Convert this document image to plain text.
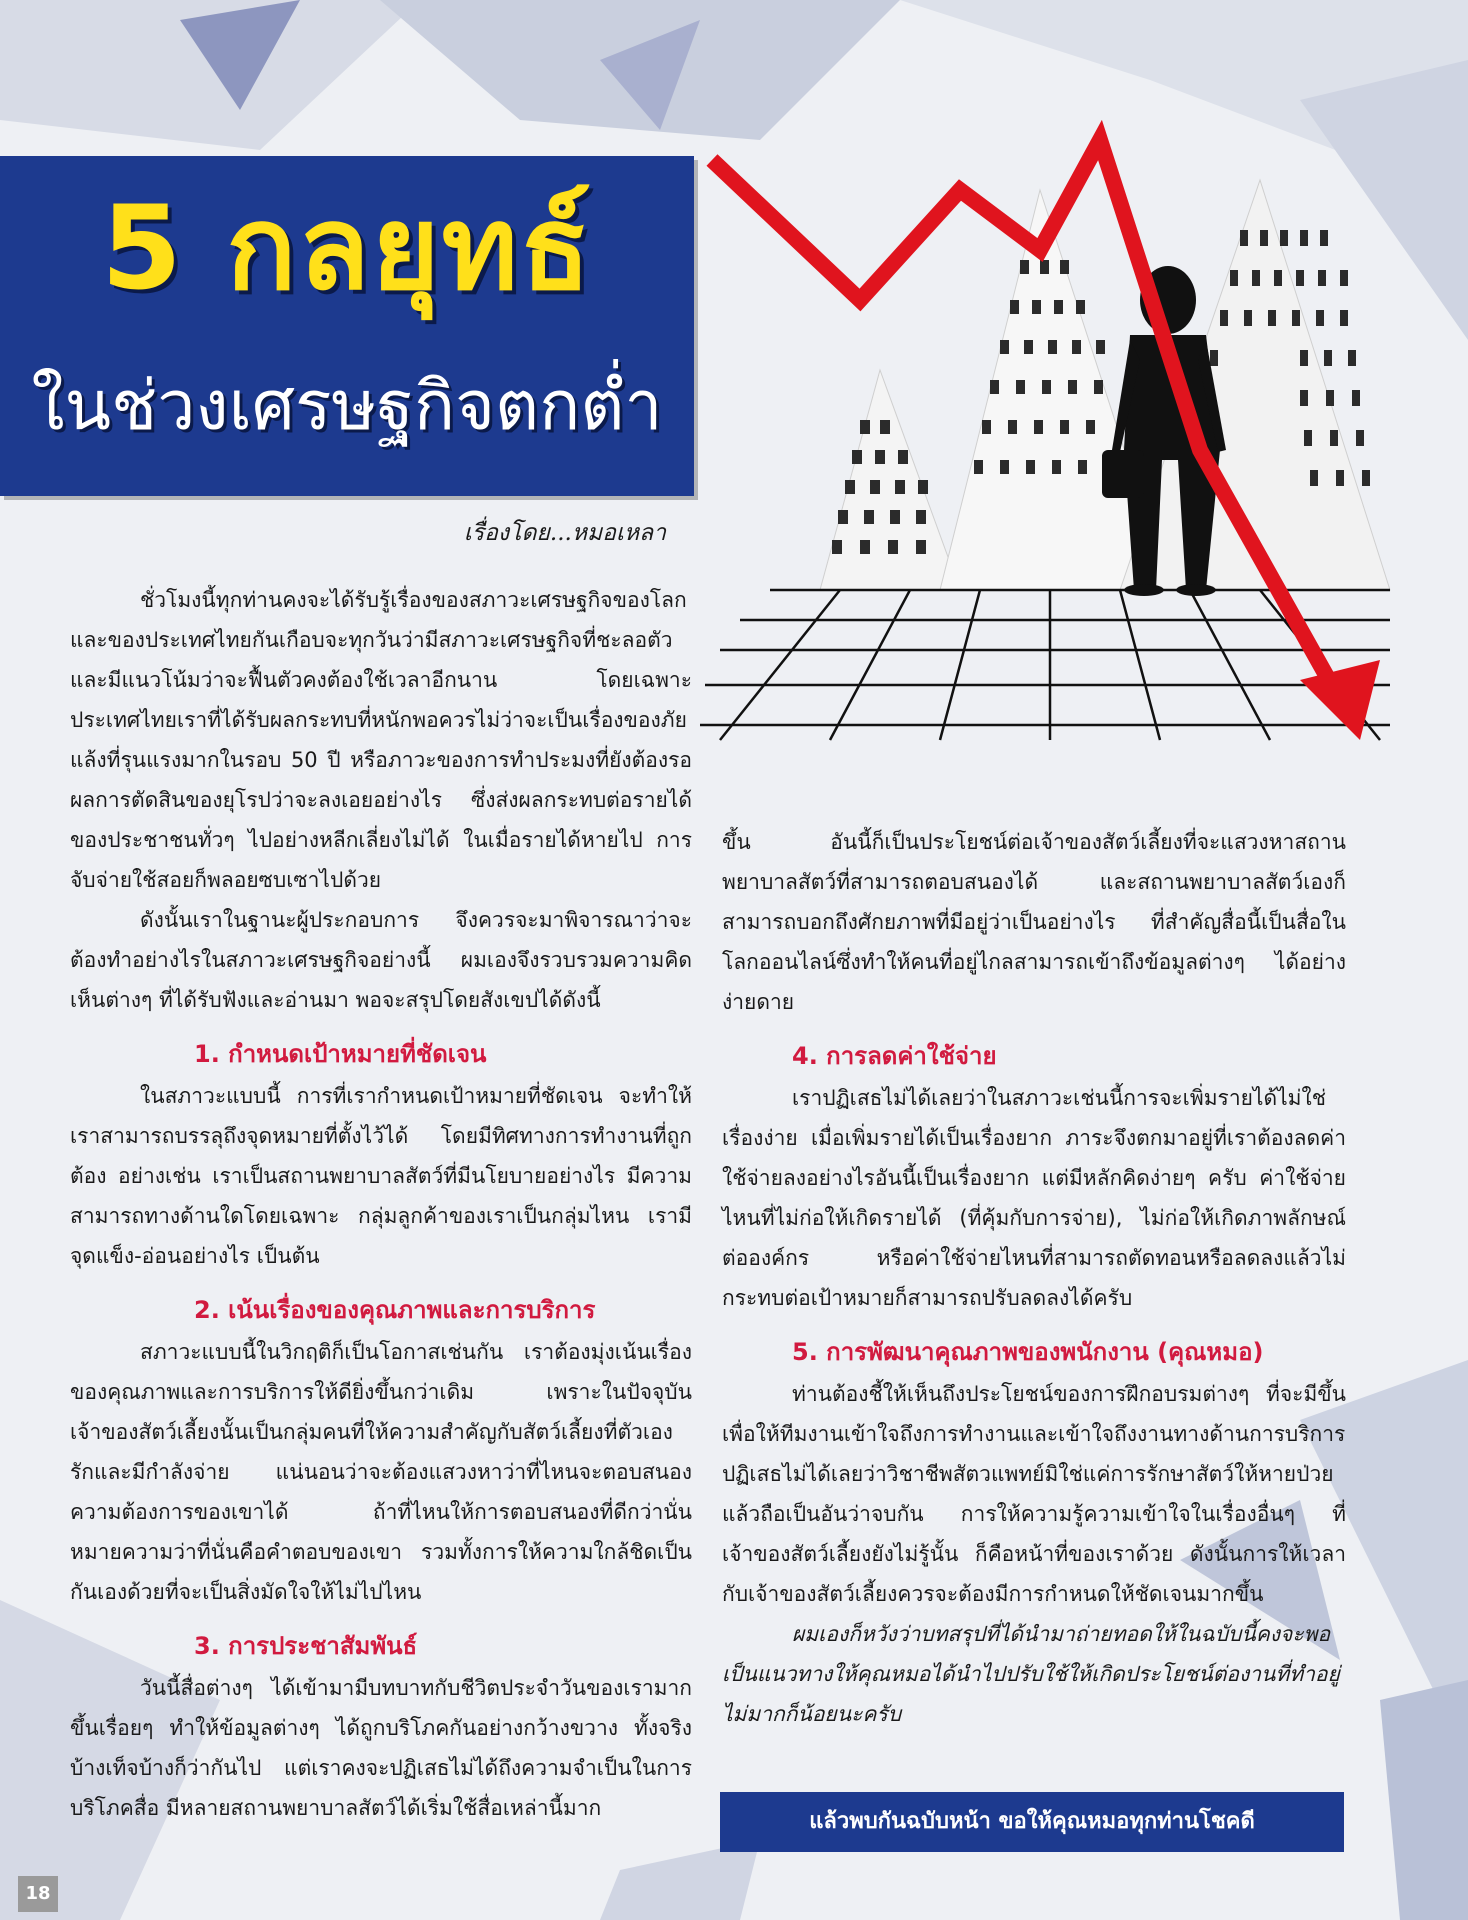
5 กลยุทธ์
ในช่วงเศรษฐกิจตกต่ำ
เรื่องโดย...หมอเหลา

ชั่วโมงนี้ทุกท่านคงจะได้รับรู้เรื่องของสภาวะเศรษฐกิจของโลกและของประเทศไทยกันเกือบจะทุกวันว่ามีสภาวะเศรษฐกิจที่ชะลอตัวและมีแนวโน้มว่าจะฟื้นตัวคงต้องใช้เวลาอีกนาน โดยเฉพาะประเทศไทยเราที่ได้รับผลกระทบที่หนักพอควรไม่ว่าจะเป็นเรื่องของภัยแล้งที่รุนแรงมากในรอบ 50 ปี หรือภาวะของการทำประมงที่ยังต้องรอผลการตัดสินของยุโรปว่าจะลงเอยอย่างไร ซึ่งส่งผลกระทบต่อรายได้ของประชาชนทั่วๆ ไปอย่างหลีกเลี่ยงไม่ได้ ในเมื่อรายได้หายไป การจับจ่ายใช้สอยก็พลอยซบเซาไปด้วย

ดังนั้นเราในฐานะผู้ประกอบการ จึงควรจะมาพิจารณาว่าจะต้องทำอย่างไรในสภาวะเศรษฐกิจอย่างนี้ ผมเองจึงรวบรวมความคิดเห็นต่างๆ ที่ได้รับฟังและอ่านมา พอจะสรุปโดยสังเขปได้ดังนี้

1. กำหนดเป้าหมายที่ชัดเจน

ในสภาวะแบบนี้ การที่เรากำหนดเป้าหมายที่ชัดเจน จะทำให้เราสามารถบรรลุถึงจุดหมายที่ตั้งไว้ได้ โดยมีทิศทางการทำงานที่ถูกต้อง อย่างเช่น เราเป็นสถานพยาบาลสัตว์ที่มีนโยบายอย่างไร มีความสามารถทางด้านใดโดยเฉพาะ กลุ่มลูกค้าของเราเป็นกลุ่มไหน เรามีจุดแข็ง-อ่อนอย่างไร เป็นต้น

2. เน้นเรื่องของคุณภาพและการบริการ

สภาวะแบบนี้ในวิกฤติก็เป็นโอกาสเช่นกัน เราต้องมุ่งเน้นเรื่องของคุณภาพและการบริการให้ดียิ่งขึ้นกว่าเดิม เพราะในปัจจุบันเจ้าของสัตว์เลี้ยงนั้นเป็นกลุ่มคนที่ให้ความสำคัญกับสัตว์เลี้ยงที่ตัวเองรักและมีกำลังจ่าย แน่นอนว่าจะต้องแสวงหาว่าที่ไหนจะตอบสนองความต้องการของเขาได้ ถ้าที่ไหนให้การตอบสนองที่ดีกว่านั่นหมายความว่าที่นั่นคือคำตอบของเขา รวมทั้งการให้ความใกล้ชิดเป็นกันเองด้วยที่จะเป็นสิ่งมัดใจให้ไม่ไปไหน

3. การประชาสัมพันธ์

วันนี้สื่อต่างๆ ได้เข้ามามีบทบาทกับชีวิตประจำวันของเรามากขึ้นเรื่อยๆ ทำให้ข้อมูลต่างๆ ได้ถูกบริโภคกันอย่างกว้างขวาง ทั้งจริงบ้างเท็จบ้างก็ว่ากันไป แต่เราคงจะปฏิเสธไม่ได้ถึงความจำเป็นในการบริโภคสื่อ มีหลายสถานพยาบาลสัตว์ได้เริ่มใช้สื่อเหล่านี้มาก

ขึ้น อันนี้ก็เป็นประโยชน์ต่อเจ้าของสัตว์เลี้ยงที่จะแสวงหาสถานพยาบาลสัตว์ที่สามารถตอบสนองได้ และสถานพยาบาลสัตว์เองก็สามารถบอกถึงศักยภาพที่มีอยู่ว่าเป็นอย่างไร ที่สำคัญสื่อนี้เป็นสื่อในโลกออนไลน์ซึ่งทำให้คนที่อยู่ไกลสามารถเข้าถึงข้อมูลต่างๆ ได้อย่างง่ายดาย

4. การลดค่าใช้จ่าย

เราปฏิเสธไม่ได้เลยว่าในสภาวะเช่นนี้การจะเพิ่มรายได้ไม่ใช่เรื่องง่าย เมื่อเพิ่มรายได้เป็นเรื่องยาก ภาระจึงตกมาอยู่ที่เราต้องลดค่าใช้จ่ายลงอย่างไรอันนี้เป็นเรื่องยาก แต่มีหลักคิดง่ายๆ ครับ ค่าใช้จ่ายไหนที่ไม่ก่อให้เกิดรายได้ (ที่คุ้มกับการจ่าย), ไม่ก่อให้เกิดภาพลักษณ์ต่อองค์กร หรือค่าใช้จ่ายไหนที่สามารถตัดทอนหรือลดลงแล้วไม่กระทบต่อเป้าหมายก็สามารถปรับลดลงได้ครับ

5. การพัฒนาคุณภาพของพนักงาน (คุณหมอ)

ท่านต้องชี้ให้เห็นถึงประโยชน์ของการฝึกอบรมต่างๆ ที่จะมีขึ้น เพื่อให้ทีมงานเข้าใจถึงการทำงานและเข้าใจถึงงานทางด้านการบริการ ปฏิเสธไม่ได้เลยว่าวิชาชีพสัตวแพทย์มิใช่แค่การรักษาสัตว์ให้หายป่วยแล้วถือเป็นอันว่าจบกัน การให้ความรู้ความเข้าใจในเรื่องอื่นๆ ที่เจ้าของสัตว์เลี้ยงยังไม่รู้นั้น ก็คือหน้าที่ของเราด้วย ดังนั้นการให้เวลากับเจ้าของสัตว์เลี้ยงควรจะต้องมีการกำหนดให้ชัดเจนมากขึ้น

ผมเองก็หวังว่าบทสรุปที่ได้นำมาถ่ายทอดให้ในฉบับนี้คงจะพอเป็นแนวทางให้คุณหมอได้นำไปปรับใช้ให้เกิดประโยชน์ต่องานที่ทำอยู่ไม่มากก็น้อยนะครับ

แล้วพบกันฉบับหน้า ขอให้คุณหมอทุกท่านโชคดี
18
